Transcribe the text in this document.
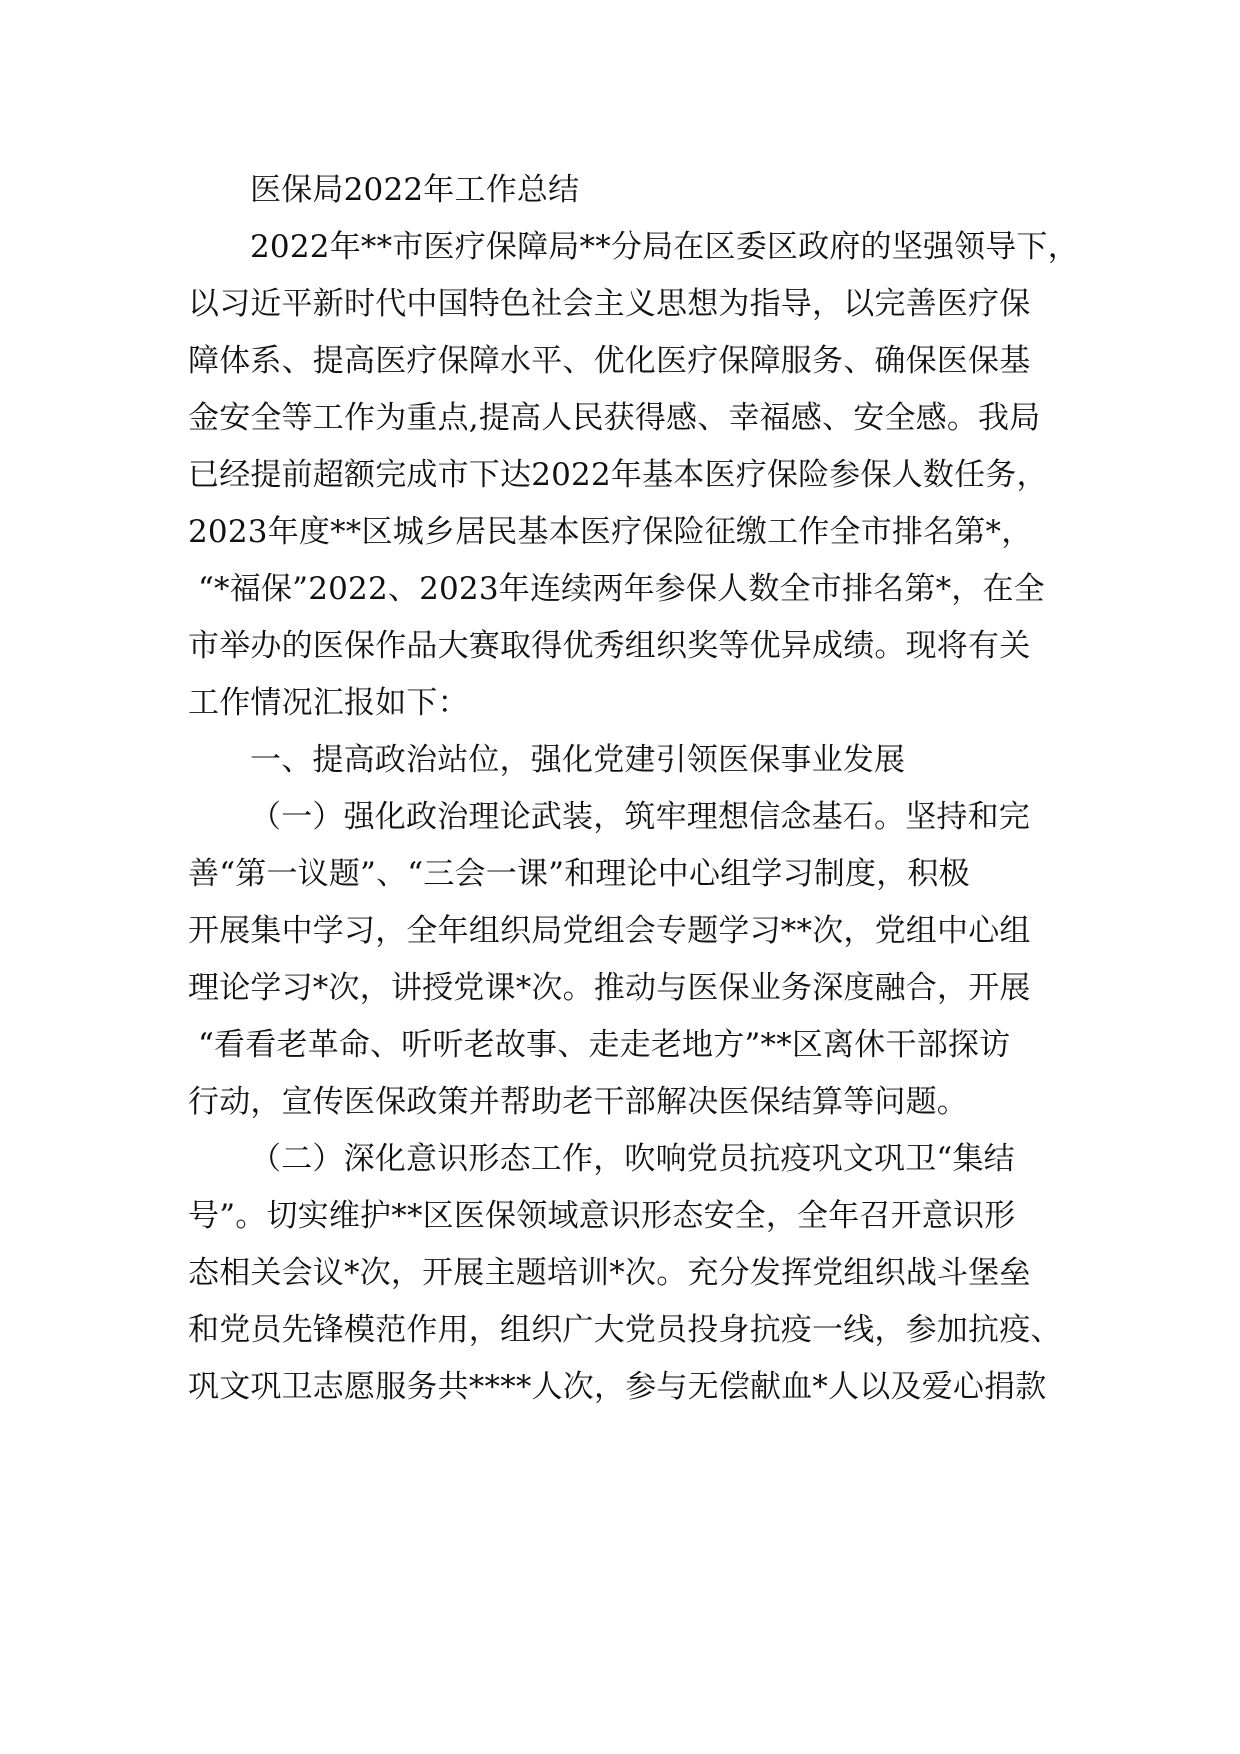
医保局2022年工作总结
2022年**市医疗保障局**分局在区委区政府的坚强领导下，
以习近平新时代中国特色社会主义思想为指导，以完善医疗保
障体系、提高医疗保障水平、优化医疗保障服务、确保医保基
金安全等工作为重点,提高人民获得感、幸福感、安全感。我局
已经提前超额完成市下达2022年基本医疗保险参保人数任务，
2023年度**区城乡居民基本医疗保险征缴工作全市排名第*，
“*福保”2022、2023年连续两年参保人数全市排名第*，在全
市举办的医保作品大赛取得优秀组织奖等优异成绩。现将有关
工作情况汇报如下：
一、提高政治站位，强化党建引领医保事业发展
（一）强化政治理论武装，筑牢理想信念基石。坚持和完
善“第一议题”、“三会一课”和理论中心组学习制度，积极
开展集中学习，全年组织局党组会专题学习**次，党组中心组
理论学习*次，讲授党课*次。推动与医保业务深度融合，开展
“看看老革命、听听老故事、走走老地方”**区离休干部探访
行动，宣传医保政策并帮助老干部解决医保结算等问题。
（二）深化意识形态工作，吹响党员抗疫巩文巩卫“集结
号”。切实维护**区医保领域意识形态安全，全年召开意识形
态相关会议*次，开展主题培训*次。充分发挥党组织战斗堡垒
和党员先锋模范作用，组织广大党员投身抗疫一线，参加抗疫、
巩文巩卫志愿服务共****人次，参与无偿献血*人以及爱心捐款
